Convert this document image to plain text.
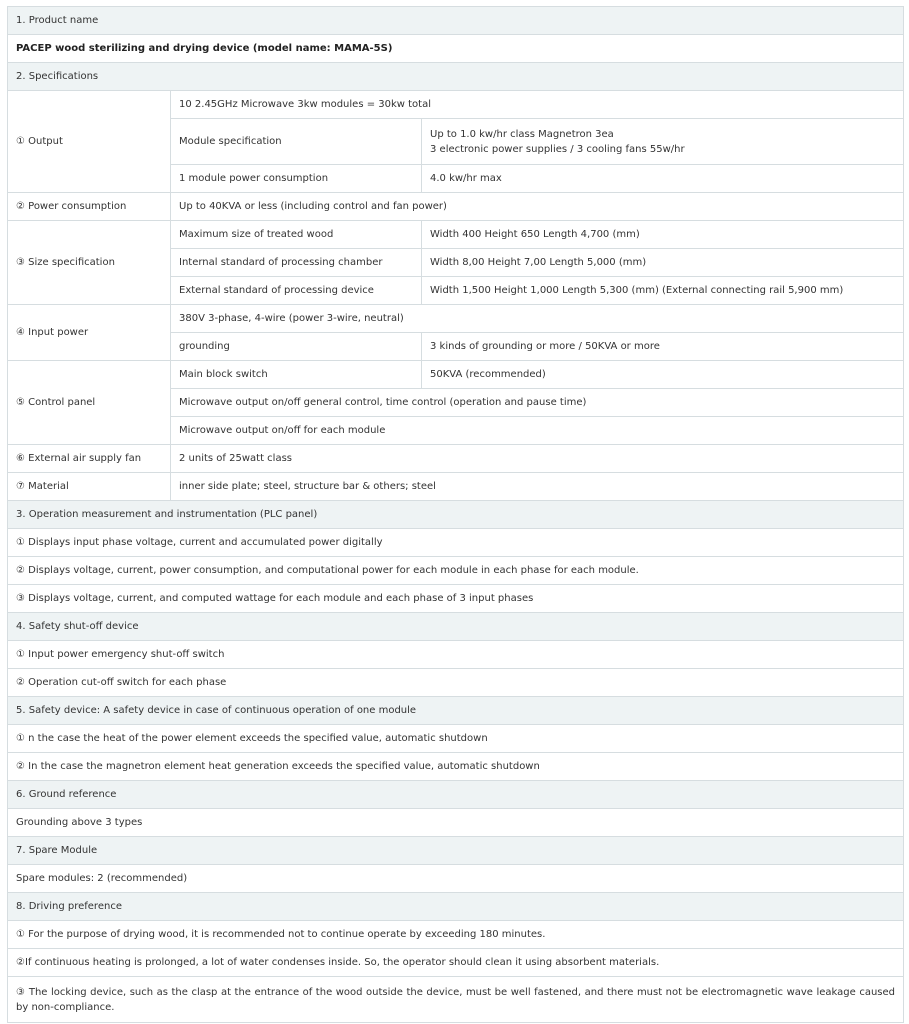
1. Product name		
PACEP wood sterilizing and drying device (model name: MAMA-5S)		
2. Specifications		
① Output	10 2.45GHz Microwave 3kw modules = 30kw total	
	Module specification	Up to 1.0 kw/hr class Magnetron 3ea
3 electronic power supplies / 3 cooling fans 55w/hr

	1 module power consumption	4.0 kw/hr max
② Power consumption	Up to 40KVA or less (including control and fan power)	
③ Size specification	Maximum size of treated wood	Width 400 Height 650 Length 4,700 (mm)
	Internal standard of processing chamber	Width 8,00 Height 7,00 Length 5,000 (mm)
	External standard of processing device	Width 1,500 Height 1,000 Length 5,300 (mm) (External connecting rail 5,900 mm)
④ Input power	380V 3-phase, 4-wire (power 3-wire, neutral)	
	grounding	3 kinds of grounding or more / 50KVA or more
⑤ Control panel	Main block switch	50KVA (recommended)
	Microwave output on/off general control, time control (operation and pause time)	
	Microwave output on/off for each module	
⑥ External air supply fan	2 units of 25watt class	
⑦ Material	inner side plate; steel, structure bar & others; steel	
3. Operation measurement and instrumentation (PLC panel)		
① Displays input phase voltage, current and accumulated power digitally		
② Displays voltage, current, power consumption, and computational power for each module in each phase for each module.		
③ Displays voltage, current, and computed wattage for each module and each phase of 3 input phases		
4. Safety shut-off device		
① Input power emergency shut-off switch		
② Operation cut-off switch for each phase		
5. Safety device: A safety device in case of continuous operation of one module		
① n the case the heat of the power element exceeds the specified value, automatic shutdown		
② In the case the magnetron element heat generation exceeds the specified value, automatic shutdown		
6. Ground reference		
Grounding above 3 types		
7. Spare Module		
Spare modules: 2 (recommended)		
8. Driving preference		
① For the purpose of drying wood, it is recommended not to continue operate by exceeding 180 minutes.		
②If continuous heating is prolonged, a lot of water condenses inside. So, the operator should clean it using absorbent materials.		
③ The locking device, such as the clasp at the entrance of the wood outside the device, must be well fastened, and there must not be electromagnetic wave leakage caused by non-compliance.		
